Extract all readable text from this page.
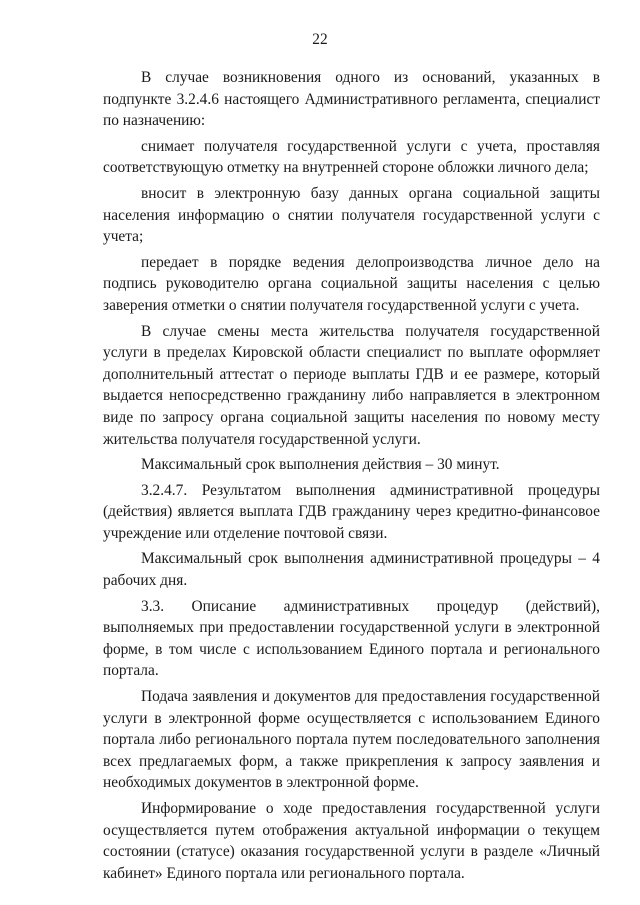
22

В случае возникновения одного из оснований, указанных в подпункте 3.2.4.6 настоящего Административного регламента, специалист по назначению:

снимает получателя государственной услуги с учета, проставляя соответствующую отметку на внутренней стороне обложки личного дела;

вносит в электронную базу данных органа социальной защиты населения информацию о снятии получателя государственной услуги с учета;

передает в порядке ведения делопроизводства личное дело на подпись руководителю органа социальной защиты населения с целью заверения отметки о снятии получателя государственной услуги с учета.

В случае смены места жительства получателя государственной услуги в пределах Кировской области специалист по выплате оформляет дополнительный аттестат о периоде выплаты ГДВ и ее размере, который выдается непосредственно гражданину либо направляется в электронном виде по запросу органа социальной защиты населения по новому месту жительства получателя государственной услуги.

Максимальный срок выполнения действия – 30 минут.

3.2.4.7. Результатом выполнения административной процедуры (действия) является выплата ГДВ гражданину через кредитно-финансовое учреждение или отделение почтовой связи.

Максимальный срок выполнения административной процедуры – 4 рабочих дня.

3.3. Описание административных процедур (действий), выполняемых при предоставлении государственной услуги в электронной форме, в том числе с использованием Единого портала и регионального портала.

Подача заявления и документов для предоставления государственной услуги в электронной форме осуществляется с использованием Единого портала либо регионального портала путем последовательного заполнения всех предлагаемых форм, а также прикрепления к запросу заявления и необходимых документов в электронной форме.

Информирование о ходе предоставления государственной услуги осуществляется путем отображения актуальной информации о текущем состоянии (статусе) оказания государственной услуги в разделе «Личный кабинет» Единого портала или регионального портала.
